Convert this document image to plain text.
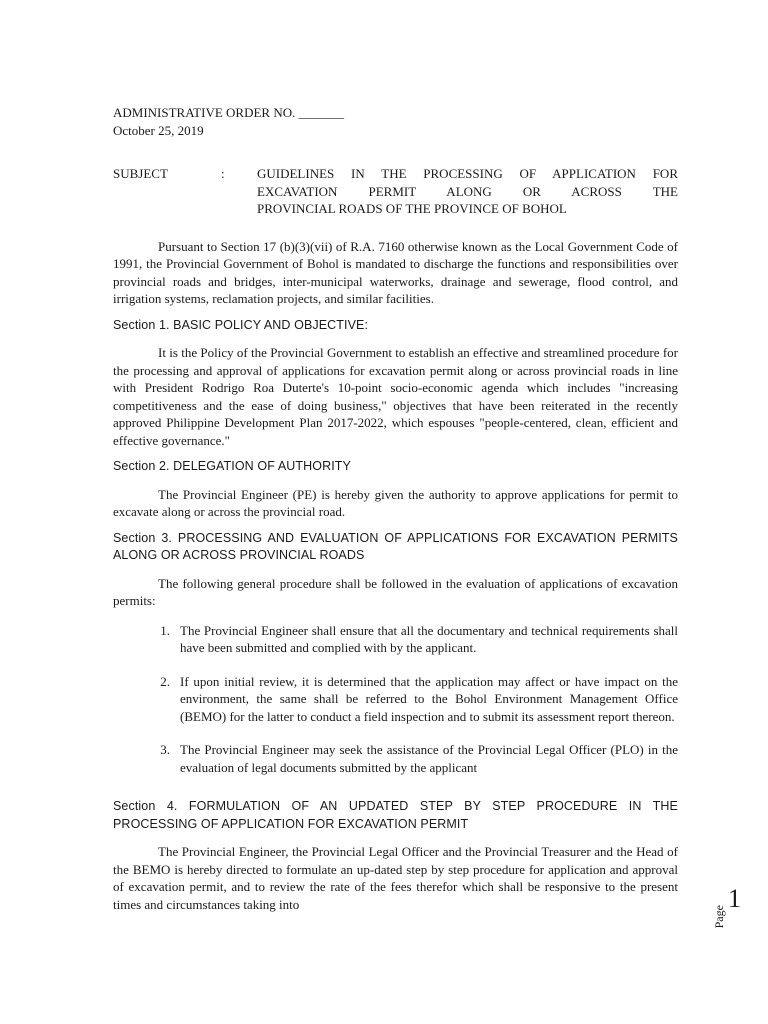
ADMINISTRATIVE ORDER NO. _______
October 25, 2019
SUBJECT	:	GUIDELINES IN THE PROCESSING OF APPLICATION FOR
EXCAVATION PERMIT ALONG OR ACROSS THE
PROVINCIAL ROADS OF THE PROVINCE OF BOHOL

Pursuant to Section 17 (b)(3)(vii) of R.A. 7160 otherwise known as the Local Government Code of 1991, the Provincial Government of Bohol is mandated to discharge the functions and responsibilities over provincial roads and bridges, inter-municipal waterworks, drainage and sewerage, flood control, and irrigation systems, reclamation projects, and similar facilities.

Section 1. BASIC POLICY AND OBJECTIVE:

It is the Policy of the Provincial Government to establish an effective and streamlined procedure for the processing and approval of applications for excavation permit along or across provincial roads in line with President Rodrigo Roa Duterte's 10-point socio-economic agenda which includes "increasing competitiveness and the ease of doing business," objectives that have been reiterated in the recently approved Philippine Development Plan 2017-2022, which espouses "people-centered, clean, efficient and effective governance."

Section 2. DELEGATION OF AUTHORITY

The Provincial Engineer (PE) is hereby given the authority to approve applications for permit to excavate along or across the provincial road.

Section 3. PROCESSING AND EVALUATION OF APPLICATIONS FOR EXCAVATION PERMITS ALONG OR ACROSS PROVINCIAL ROADS

The following general procedure shall be followed in the evaluation of applications of excavation permits:

1. The Provincial Engineer shall ensure that all the documentary and technical requirements shall have been submitted and complied with by the applicant.
2. If upon initial review, it is determined that the application may affect or have impact on the environment, the same shall be referred to the Bohol Environment Management Office (BEMO) for the latter to conduct a field inspection and to submit its assessment report thereon.
3. The Provincial Engineer may seek the assistance of the Provincial Legal Officer (PLO) in the evaluation of legal documents submitted by the applicant
Section 4. FORMULATION OF AN UPDATED STEP BY STEP PROCEDURE IN THE PROCESSING OF APPLICATION FOR EXCAVATION PERMIT

The Provincial Engineer, the Provincial Legal Officer and the Provincial Treasurer and the Head of the BEMO is hereby directed to formulate an up-dated step by step procedure for application and approval of excavation permit, and to review the rate of the fees therefor which shall be responsive to the present times and circumstances taking into

Page
1
